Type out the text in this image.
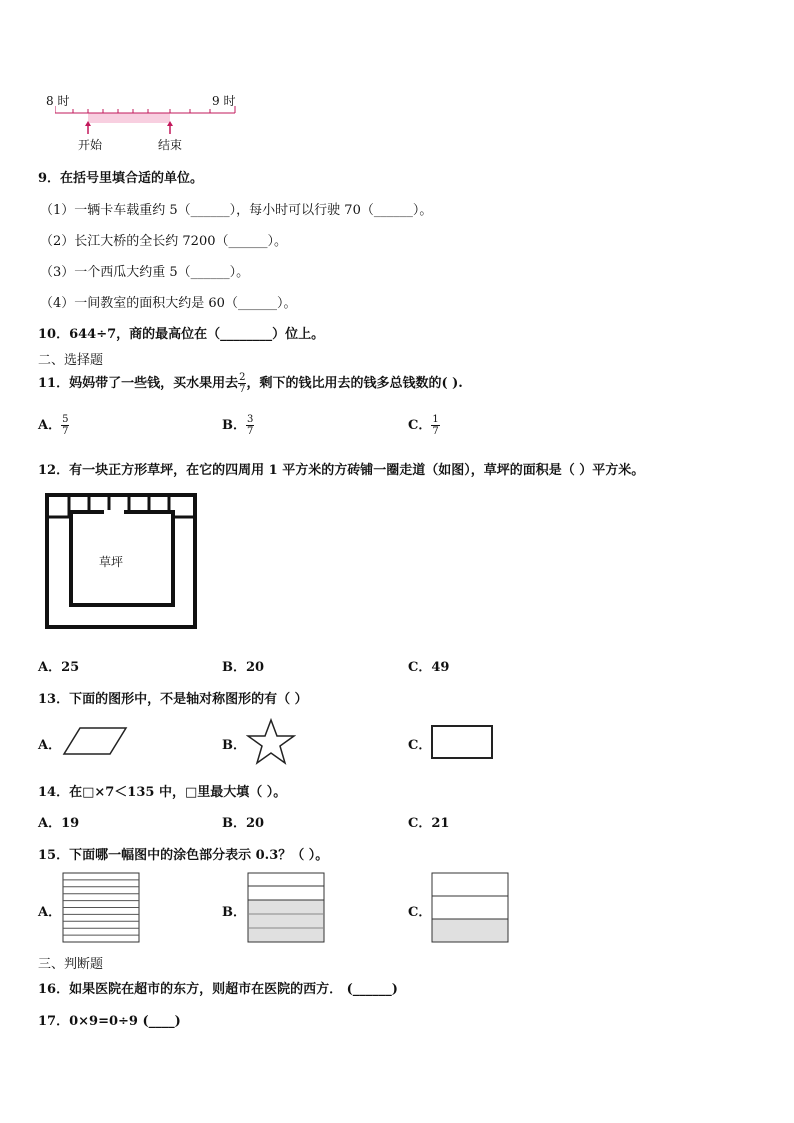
8 时	9 时
开始	结束
9．在括号里填合适的单位。
（1）一辆卡车载重约 5（______），每小时可以行驶 70（______）。
（2）长江大桥的全长约 7200（______）。
（3）一个西瓜大约重 5（______）。
（4）一间教室的面积大约是 60（______）。
10．644÷7，商的最高位在（________）位上。
二、选择题
11．妈妈带了一些钱，买水果用去 $\frac{2}{7}$ ，剩下的钱比用去的钱多总钱数的( ).
A． $\frac{5}{7}$	B． $\frac{3}{7}$	C． $\frac{1}{7}$
12．有一块正方形草坪，在它的四周用 1 平方米的方砖铺一圈走道（如图），草坪的面积是（ ）平方米。
草坪
A．25	B．20	C．49
13．下面的图形中，不是轴对称图形的有（ ）
A．	B．	C．
14．在□×7＜135 中，□里最大填（ ）。
A．19	B．20	C．21
15．下面哪一幅图中的涂色部分表示 0.3？（ ）。
A．	B．	C．
三、判断题
16．如果医院在超市的东方，则超市在医院的西方． (______)
17．0×9=0÷9 (____)
